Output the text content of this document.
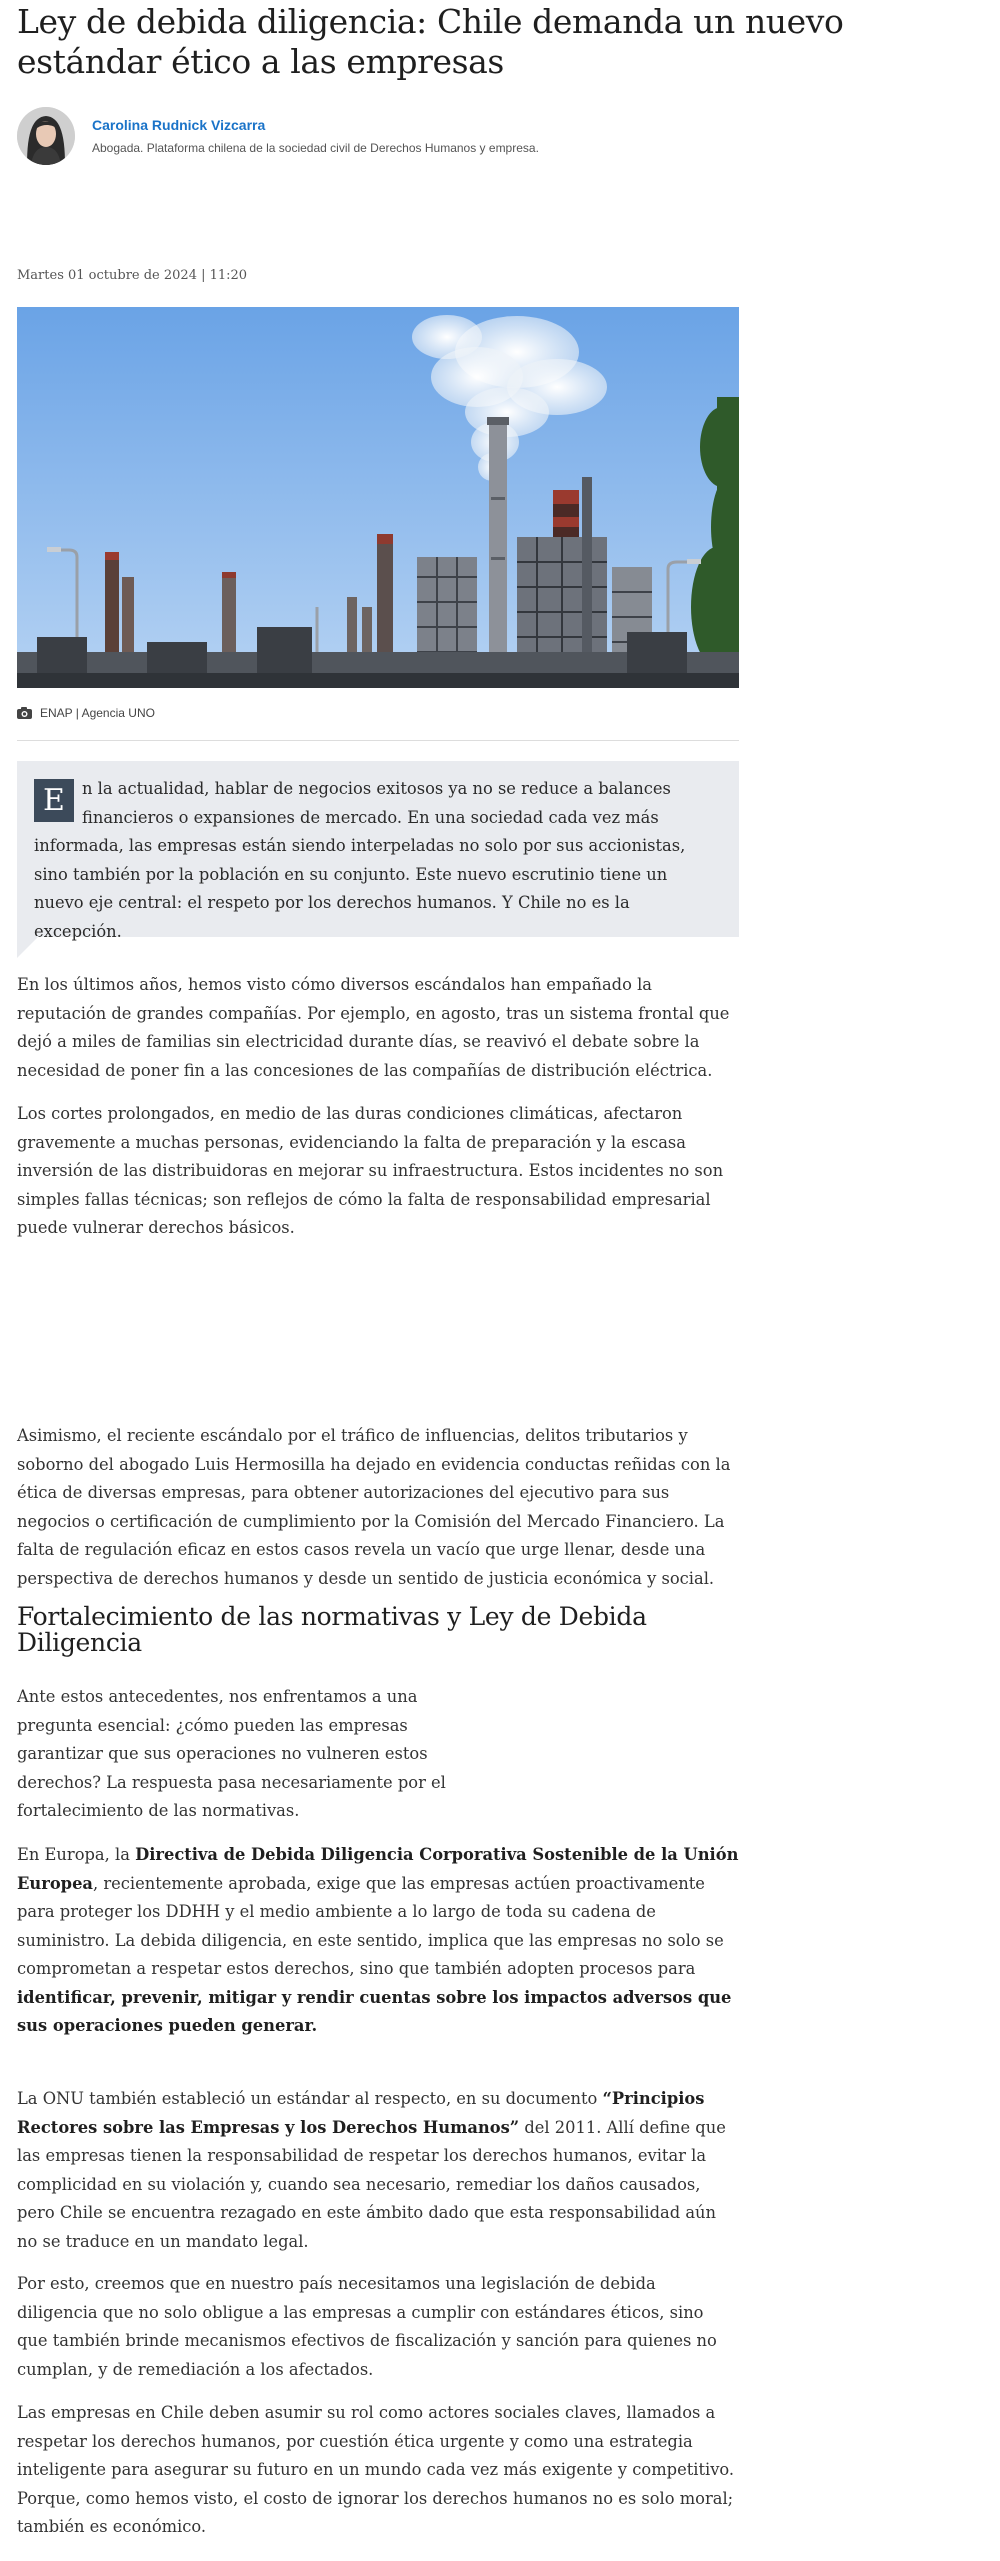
Ley de debida diligencia: Chile demanda un nuevo estándar ético a las empresas
Carolina Rudnick Vizcarra
Abogada. Plataforma chilena de la sociedad civil de Derechos Humanos y empresa.
Martes 01 octubre de 2024 | 11:20
ENAP | Agencia UNO

E	n la actualidad, hablar de negocios exitosos ya no se reduce a balances financieros o expansiones de mercado. En una sociedad cada vez más informada, las empresas están siendo interpeladas no solo por sus accionistas, sino también por la población en su conjunto. Este nuevo escrutinio tiene un nuevo eje central: el respeto por los derechos humanos. Y Chile no es la excepción.

En los últimos años, hemos visto cómo diversos escándalos han empañado la reputación de grandes compañías. Por ejemplo, en agosto, tras un sistema frontal que dejó a miles de familias sin electricidad durante días, se reavivó el debate sobre la necesidad de poner fin a las concesiones de las compañías de distribución eléctrica.

Los cortes prolongados, en medio de las duras condiciones climáticas, afectaron gravemente a muchas personas, evidenciando la falta de preparación y la escasa inversión de las distribuidoras en mejorar su infraestructura. Estos incidentes no son simples fallas técnicas; son reflejos de cómo la falta de responsabilidad empresarial puede vulnerar derechos básicos.

Asimismo, el reciente escándalo por el tráfico de influencias, delitos tributarios y soborno del abogado Luis Hermosilla ha dejado en evidencia conductas reñidas con la ética de diversas empresas, para obtener autorizaciones del ejecutivo para sus negocios o certificación de cumplimiento por la Comisión del Mercado Financiero. La falta de regulación eficaz en estos casos revela un vacío que urge llenar, desde una perspectiva de derechos humanos y desde un sentido de justicia económica y social.

Fortalecimiento de las normativas y Ley de Debida Diligencia

Ante estos antecedentes, nos enfrentamos a una pregunta esencial: ¿cómo pueden las empresas garantizar que sus operaciones no vulneren estos derechos? La respuesta pasa necesariamente por el fortalecimiento de las normativas.

En Europa, la Directiva de Debida Diligencia Corporativa Sostenible de la Unión Europea, recientemente aprobada, exige que las empresas actúen proactivamente para proteger los DDHH y el medio ambiente a lo largo de toda su cadena de suministro. La debida diligencia, en este sentido, implica que las empresas no solo se comprometan a respetar estos derechos, sino que también adopten procesos para identificar, prevenir, mitigar y rendir cuentas sobre los impactos adversos que sus operaciones pueden generar.

La ONU también estableció un estándar al respecto, en su documento “Principios Rectores sobre las Empresas y los Derechos Humanos” del 2011. Allí define que las empresas tienen la responsabilidad de respetar los derechos humanos, evitar la complicidad en su violación y, cuando sea necesario, remediar los daños causados, pero Chile se encuentra rezagado en este ámbito dado que esta responsabilidad aún no se traduce en un mandato legal.

Por esto, creemos que en nuestro país necesitamos una legislación de debida diligencia que no solo obligue a las empresas a cumplir con estándares éticos, sino que también brinde mecanismos efectivos de fiscalización y sanción para quienes no cumplan, y de remediación a los afectados.

Las empresas en Chile deben asumir su rol como actores sociales claves, llamados a respetar los derechos humanos, por cuestión ética urgente y como una estrategia inteligente para asegurar su futuro en un mundo cada vez más exigente y competitivo. Porque, como hemos visto, el costo de ignorar los derechos humanos no es solo moral; también es económico.
